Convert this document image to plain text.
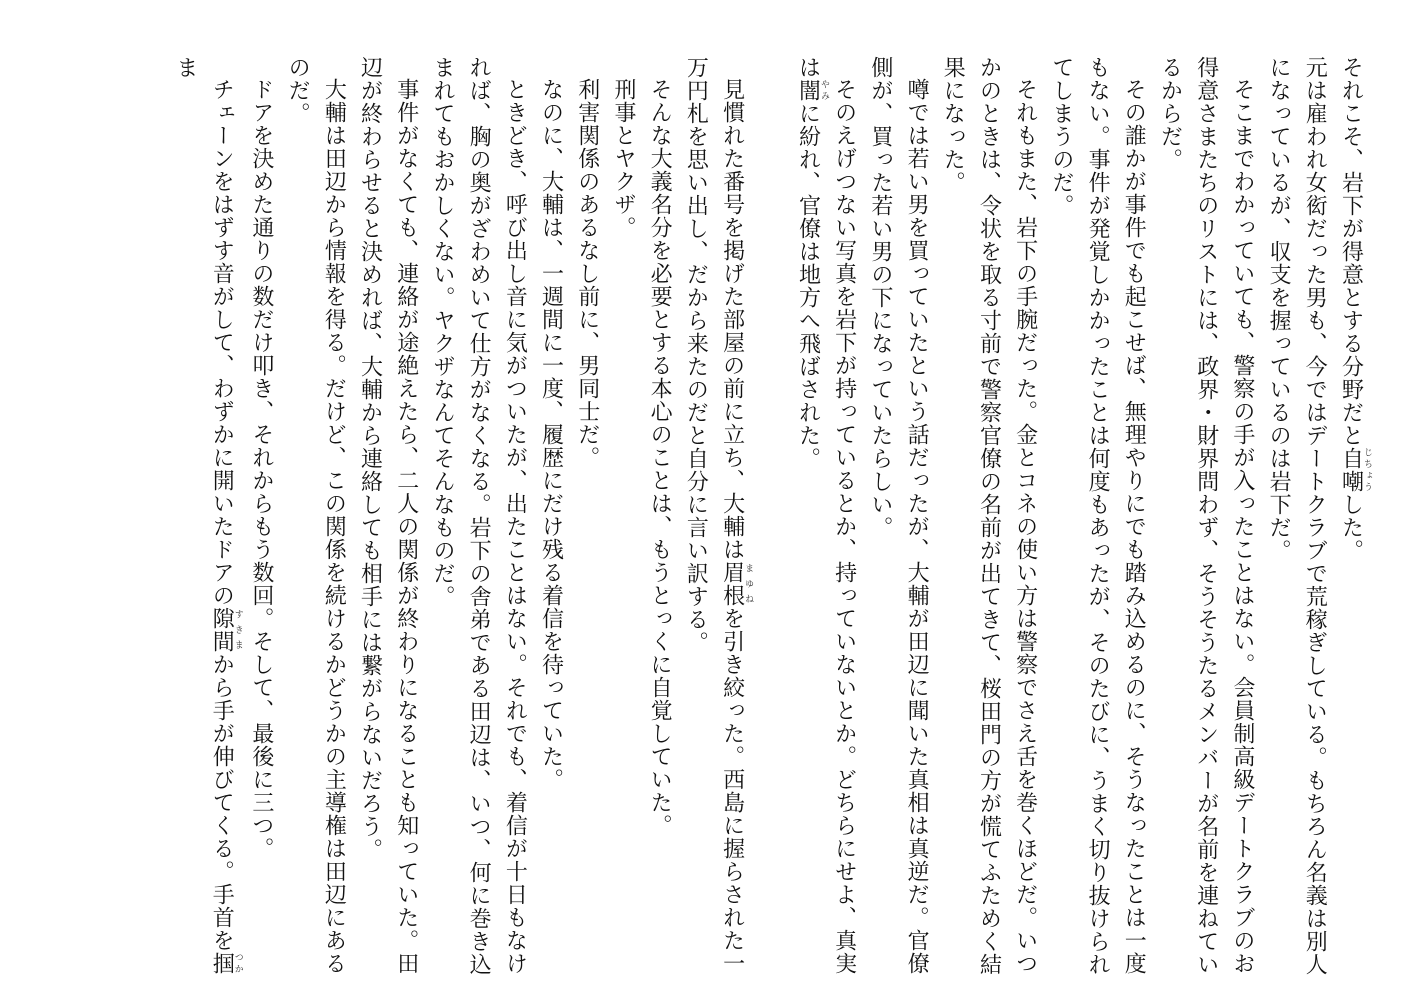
それこそ、岩下が得意とする分野だと自嘲じちょうした。

元は雇われ女衒だった男も、今ではデートクラブで荒稼ぎしている。もちろん名義は別人になっているが、収支を握っているのは岩下だ。

そこまでわかっていても、警察の手が入ったことはない。会員制高級デートクラブのお得意さまたちのリストには、政界・財界問わず、そうそうたるメンバーが名前を連ねているからだ。

その誰かが事件でも起こせば、無理やりにでも踏み込めるのに、そうなったことは一度もない。事件が発覚しかかったことは何度もあったが、そのたびに、うまく切り抜けられてしまうのだ。

それもまた、岩下の手腕だった。金とコネの使い方は警察でさえ舌を巻くほどだ。いつかのときは、令状を取る寸前で警察官僚の名前が出てきて、桜田門の方が慌てふためく結果になった。

噂では若い男を買っていたという話だったが、大輔が田辺に聞いた真相は真逆だ。官僚側が、買った若い男の下になっていたらしい。

そのえげつない写真を岩下が持っているとか、持っていないとか。どちらにせよ、真実は闇やみに紛れ、官僚は地方へ飛ばされた。

見慣れた番号を掲げた部屋の前に立ち、大輔は眉根まゆねを引き絞った。西島に握らされた一万円札を思い出し、だから来たのだと自分に言い訳する。

そんな大義名分を必要とする本心のことは、もうとっくに自覚していた。

刑事とヤクザ。

利害関係のあるなし前に、男同士だ。

なのに、大輔は、一週間に一度、履歴にだけ残る着信を待っていた。

ときどき、呼び出し音に気がついたが、出たことはない。それでも、着信が十日もなければ、胸の奥がざわめいて仕方がなくなる。岩下の舎弟である田辺は、いつ、何に巻き込まれてもおかしくない。ヤクザなんてそんなものだ。

事件がなくても、連絡が途絶えたら、二人の関係が終わりになることも知っていた。田辺が終わらせると決めれば、大輔から連絡しても相手には繋がらないだろう。

大輔は田辺から情報を得る。だけど、この関係を続けるかどうかの主導権は田辺にあるのだ。

ドアを決めた通りの数だけ叩き、それからもう数回。そして、最後に三つ。

チェーンをはずす音がして、わずかに開いたドアの隙間すきまから手が伸びてくる。手首を掴つかま
